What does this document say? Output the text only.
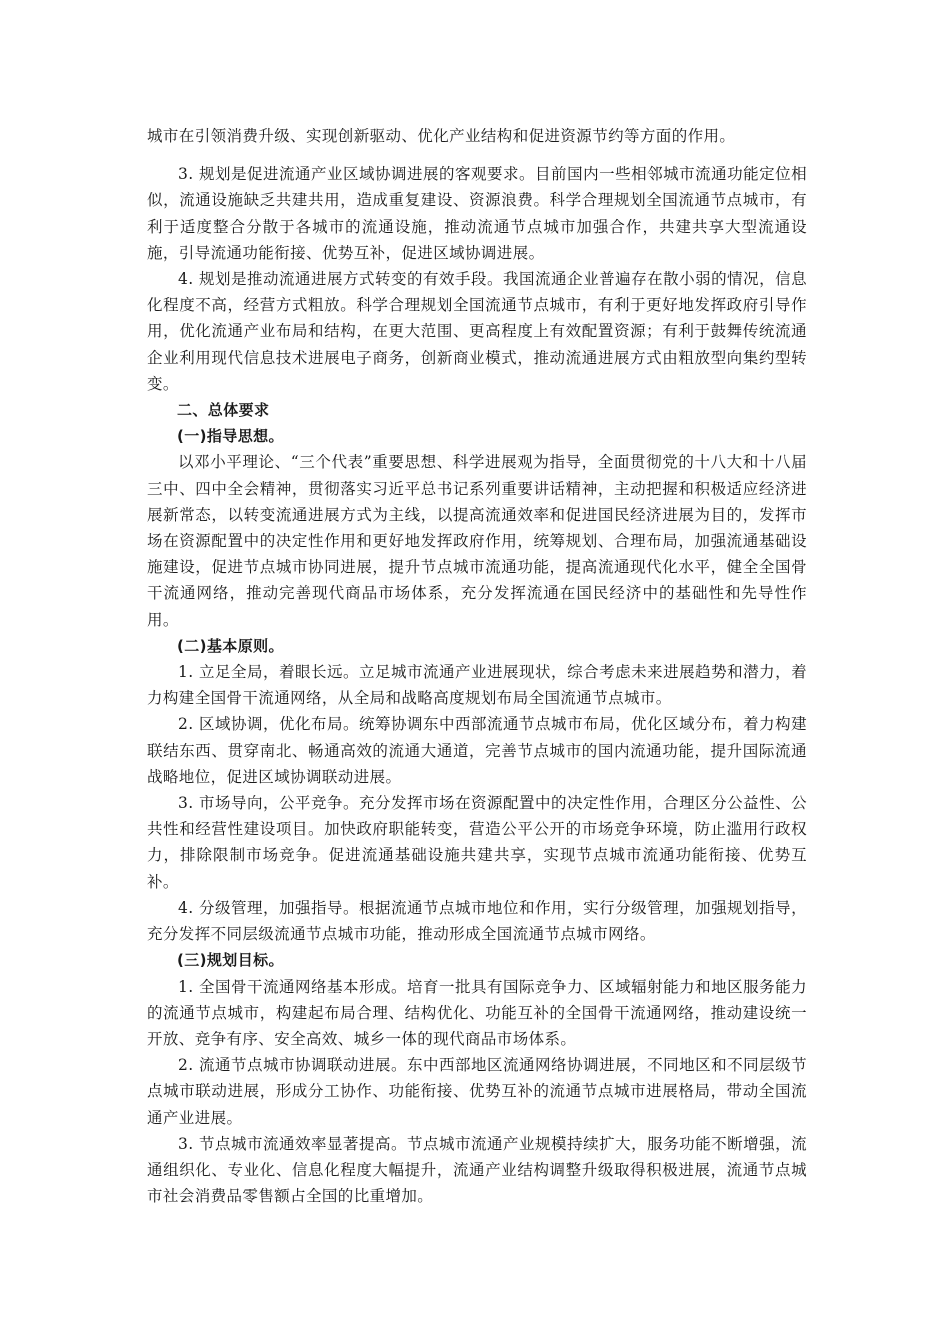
城市在引领消费升级、实现创新驱动、优化产业结构和促进资源节约等方面的作用。

3. 规划是促进流通产业区域协调进展的客观要求。目前国内一些相邻城市流通功能定位相似，流通设施缺乏共建共用，造成重复建设、资源浪费。科学合理规划全国流通节点城市，有利于适度整合分散于各城市的流通设施，推动流通节点城市加强合作，共建共享大型流通设施，引导流通功能衔接、优势互补，促进区域协调进展。

4. 规划是推动流通进展方式转变的有效手段。我国流通企业普遍存在散小弱的情况，信息化程度不高，经营方式粗放。科学合理规划全国流通节点城市，有利于更好地发挥政府引导作用，优化流通产业布局和结构，在更大范围、更高程度上有效配置资源；有利于鼓舞传统流通企业利用现代信息技术进展电子商务，创新商业模式，推动流通进展方式由粗放型向集约型转变。

二、总体要求

(一)指导思想。

以邓小平理论、“三个代表”重要思想、科学进展观为指导，全面贯彻党的十八大和十八届三中、四中全会精神，贯彻落实习近平总书记系列重要讲话精神，主动把握和积极适应经济进展新常态，以转变流通进展方式为主线，以提高流通效率和促进国民经济进展为目的，发挥市场在资源配置中的决定性作用和更好地发挥政府作用，统筹规划、合理布局，加强流通基础设施建设，促进节点城市协同进展，提升节点城市流通功能，提高流通现代化水平，健全全国骨干流通网络，推动完善现代商品市场体系，充分发挥流通在国民经济中的基础性和先导性作用。

(二)基本原则。

1. 立足全局，着眼长远。立足城市流通产业进展现状，综合考虑未来进展趋势和潜力，着力构建全国骨干流通网络，从全局和战略高度规划布局全国流通节点城市。

2. 区域协调，优化布局。统筹协调东中西部流通节点城市布局，优化区域分布，着力构建联结东西、贯穿南北、畅通高效的流通大通道，完善节点城市的国内流通功能，提升国际流通战略地位，促进区域协调联动进展。

3. 市场导向，公平竞争。充分发挥市场在资源配置中的决定性作用，合理区分公益性、公共性和经营性建设项目。加快政府职能转变，营造公平公开的市场竞争环境，防止滥用行政权力，排除限制市场竞争。促进流通基础设施共建共享，实现节点城市流通功能衔接、优势互补。

4. 分级管理，加强指导。根据流通节点城市地位和作用，实行分级管理，加强规划指导，充分发挥不同层级流通节点城市功能，推动形成全国流通节点城市网络。

(三)规划目标。

1. 全国骨干流通网络基本形成。培育一批具有国际竞争力、区域辐射能力和地区服务能力的流通节点城市，构建起布局合理、结构优化、功能互补的全国骨干流通网络，推动建设统一开放、竞争有序、安全高效、城乡一体的现代商品市场体系。

2. 流通节点城市协调联动进展。东中西部地区流通网络协调进展，不同地区和不同层级节点城市联动进展，形成分工协作、功能衔接、优势互补的流通节点城市进展格局，带动全国流通产业进展。

3. 节点城市流通效率显著提高。节点城市流通产业规模持续扩大，服务功能不断增强，流通组织化、专业化、信息化程度大幅提升，流通产业结构调整升级取得积极进展，流通节点城市社会消费品零售额占全国的比重增加。
